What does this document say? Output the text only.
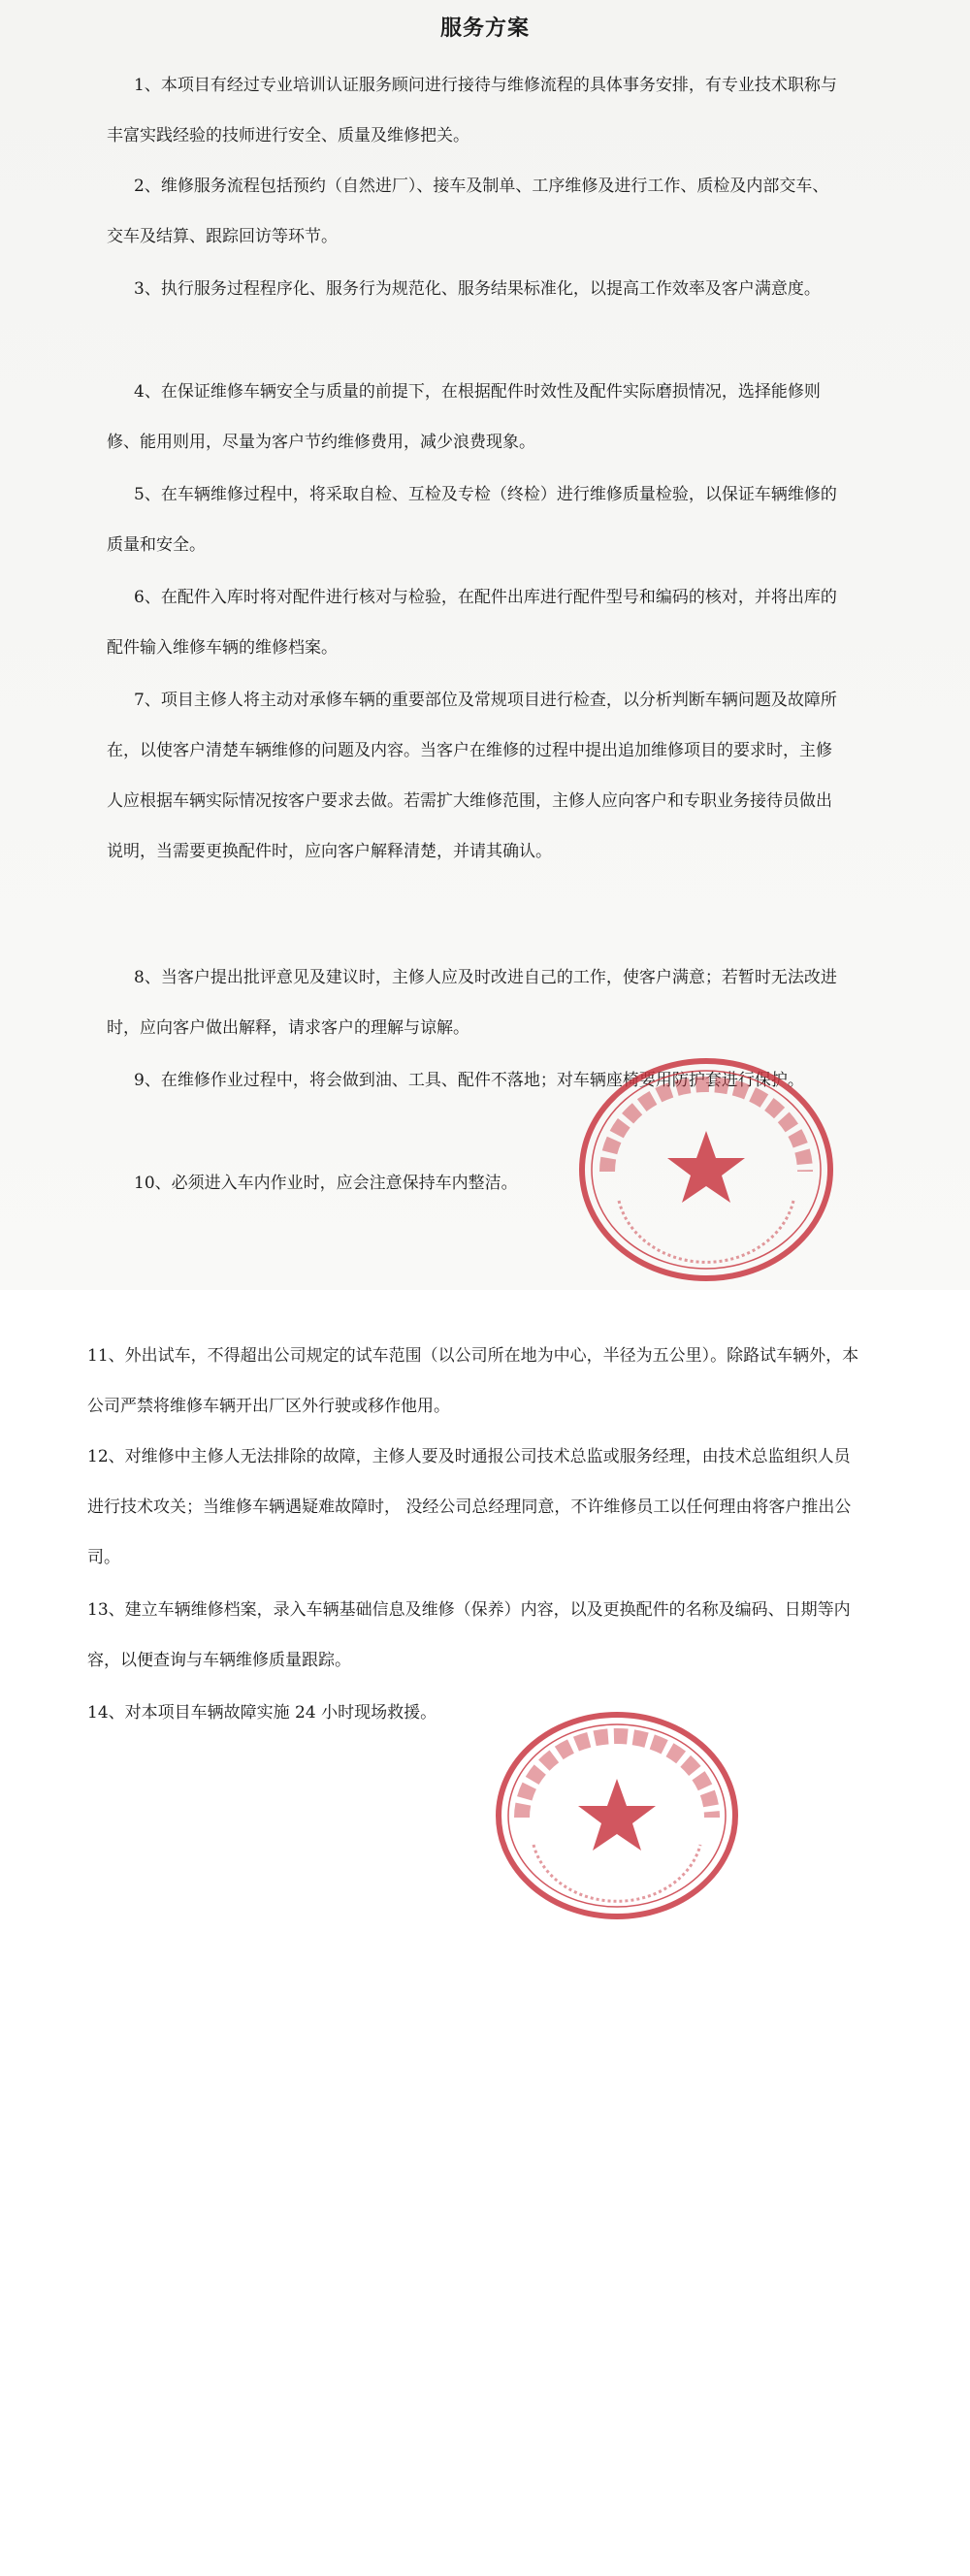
服务方案

1、本项目有经过专业培训认证服务顾问进行接待与维修流程的具体事务安排，有专业技术职称与丰富实践经验的技师进行安全、质量及维修把关。

2、维修服务流程包括预约（自然进厂）、接车及制单、工序维修及进行工作、质检及内部交车、交车及结算、跟踪回访等环节。

3、执行服务过程程序化、服务行为规范化、服务结果标准化，以提高工作效率及客户满意度。

4、在保证维修车辆安全与质量的前提下，在根据配件时效性及配件实际磨损情况，选择能修则修、能用则用，尽量为客户节约维修费用，减少浪费现象。

5、在车辆维修过程中，将采取自检、互检及专检（终检）进行维修质量检验，以保证车辆维修的质量和安全。

6、在配件入库时将对配件进行核对与检验，在配件出库进行配件型号和编码的核对，并将出库的配件输入维修车辆的维修档案。

7、项目主修人将主动对承修车辆的重要部位及常规项目进行检查，以分析判断车辆问题及故障所在，以使客户清楚车辆维修的问题及内容。当客户在维修的过程中提出追加维修项目的要求时，主修人应根据车辆实际情况按客户要求去做。若需扩大维修范围，主修人应向客户和专职业务接待员做出说明，当需要更换配件时，应向客户解释清楚，并请其确认。

8、当客户提出批评意见及建议时，主修人应及时改进自己的工作，使客户满意；若暂时无法改进时，应向客户做出解释，请求客户的理解与谅解。

9、在维修作业过程中，将会做到油、工具、配件不落地；对车辆座椅要用防护套进行保护。

10、必须进入车内作业时，应会注意保持车内整洁。

11、外出试车，不得超出公司规定的试车范围（以公司所在地为中心，半径为五公里）。除路试车辆外，本公司严禁将维修车辆开出厂区外行驶或移作他用。

12、对维修中主修人无法排除的故障，主修人要及时通报公司技术总监或服务经理，由技术总监组织人员进行技术攻关；当维修车辆遇疑难故障时， 没经公司总经理同意，不许维修员工以任何理由将客户推出公司。

13、建立车辆维修档案，录入车辆基础信息及维修（保养）内容，以及更换配件的名称及编码、日期等内容，以便查询与车辆维修质量跟踪。

14、对本项目车辆故障实施 24 小时现场救援。
